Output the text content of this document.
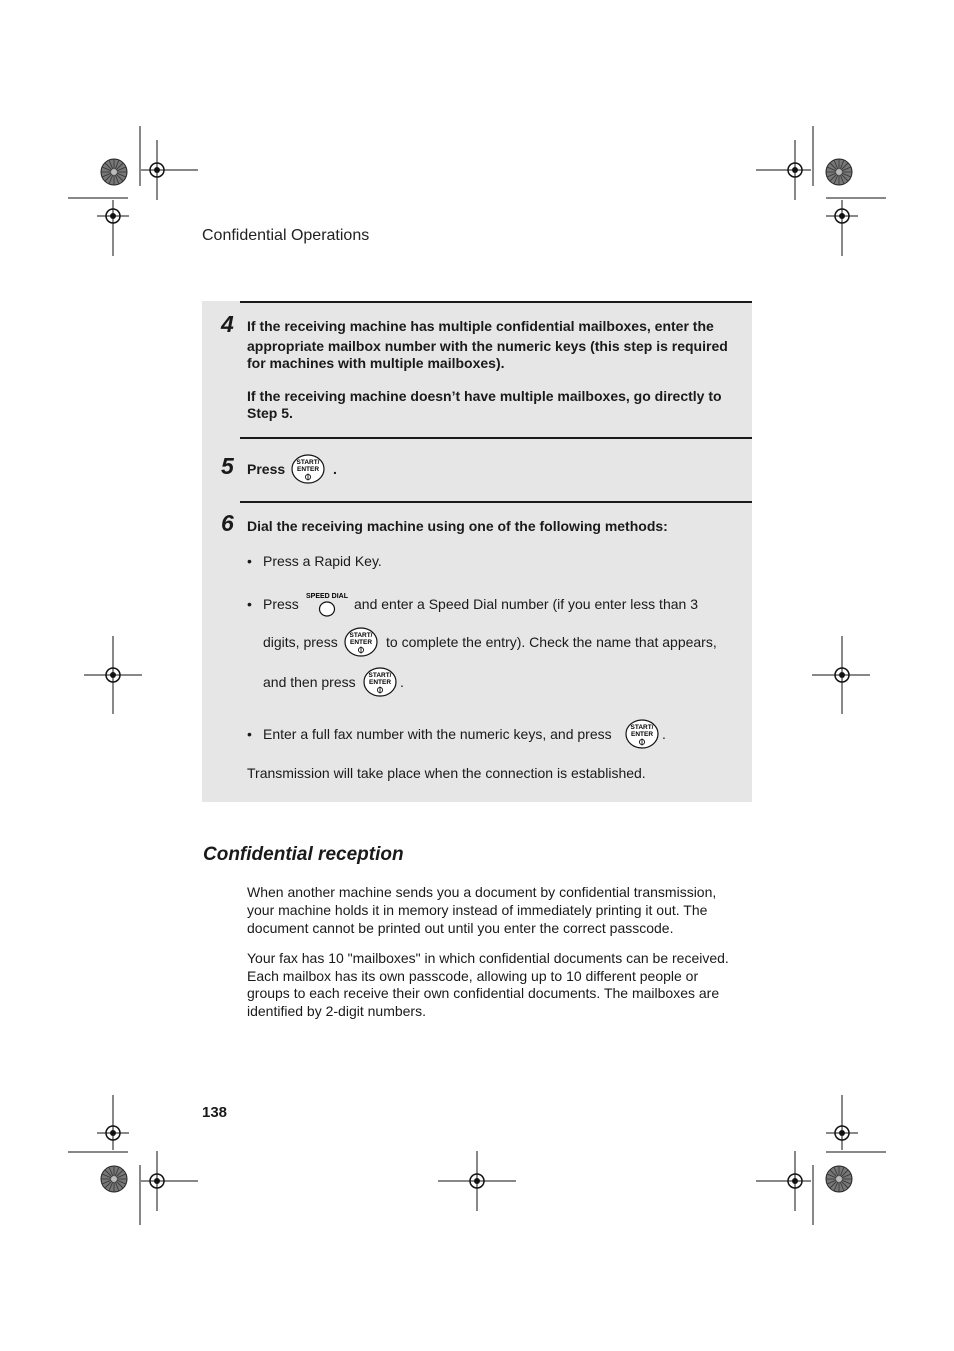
Confidential Operations
4 If the receiving machine has multiple confidential mailboxes, enter the
appropriate mailbox number with the numeric keys (this step is required
for machines with multiple mailboxes).
If the receiving machine doesn’t have multiple mailboxes, go directly to
Step 5.
5 Press START/
ENTER .
6 Dial the receiving machine using one of the following methods:
• Press a Rapid Key.
• Press SPEED DIAL and enter a Speed Dial number (if you enter less than 3
digits, press START/
ENTER to complete the entry). Check the name that appears,
and then press START/
ENTER .
• Enter a full fax number with the numeric keys, and press	START/
ENTER .
Transmission will take place when the connection is established.
Confidential reception
When another machine sends you a document by confidential transmission,
your machine holds it in memory instead of immediately printing it out. The
document cannot be printed out until you enter the correct passcode.
Your fax has 10 "mailboxes" in which confidential documents can be received.
Each mailbox has its own passcode, allowing up to 10 different people or
groups to each receive their own confidential documents. The mailboxes are
identified by 2-digit numbers.
138
